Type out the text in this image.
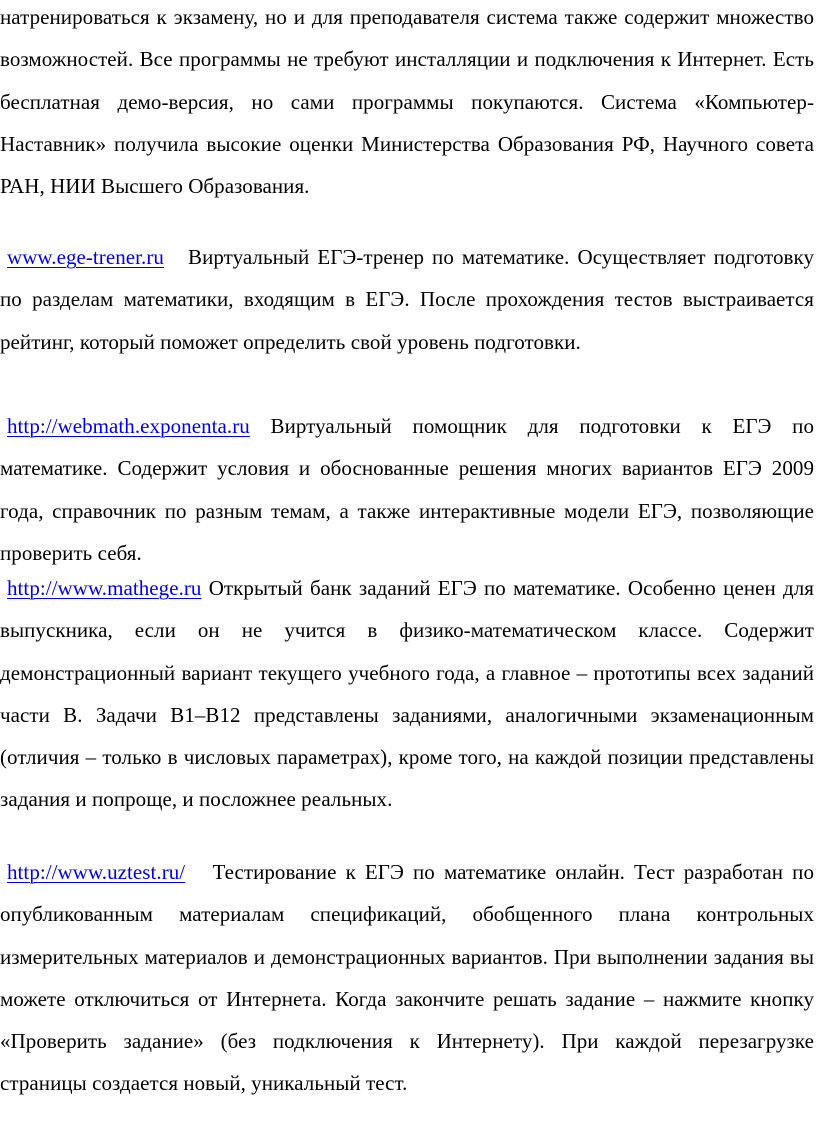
натренироваться к экзамену, но и для преподавателя система также содержит множество возможностей. Все программы не требуют инсталляции и подключения к Интернет. Есть бесплатная демо-версия, но сами программы покупаются. Система «Компьютер-Наставник» получила высокие оценки Министерства Образования РФ, Научного совета РАН, НИИ Высшего Образования.

www.ege-trener.ru Виртуальный ЕГЭ-тренер по математике. Осуществляет подготовку по разделам математики, входящим в ЕГЭ. После прохождения тестов выстраивается рейтинг, который поможет определить свой уровень подготовки.

http://webmath.exponenta.ru Виртуальный помощник для подготовки к ЕГЭ по математике. Содержит условия и обоснованные решения многих вариантов ЕГЭ 2009 года, справочник по разным темам, а также интерактивные модели ЕГЭ, позволяющие проверить себя.

http://www.mathege.ru Открытый банк заданий ЕГЭ по математике. Особенно ценен для выпускника, если он не учится в физико-математическом классе. Содержит демонстрационный вариант текущего учебного года, а главное – прототипы всех заданий части В. Задачи В1–В12 представлены заданиями, аналогичными экзаменационным (отличия – только в числовых параметрах), кроме того, на каждой позиции представлены задания и попроще, и посложнее реальных.

http://www.uztest.ru/ Тестирование к ЕГЭ по математике онлайн. Тест разработан по опубликованным материалам спецификаций, обобщенного плана контрольных измерительных материалов и демонстрационных вариантов. При выполнении задания вы можете отключиться от Интернета. Когда закончите решать задание – нажмите кнопку «Проверить задание» (без подключения к Интернету). При каждой перезагрузке страницы создается новый, уникальный тест.
